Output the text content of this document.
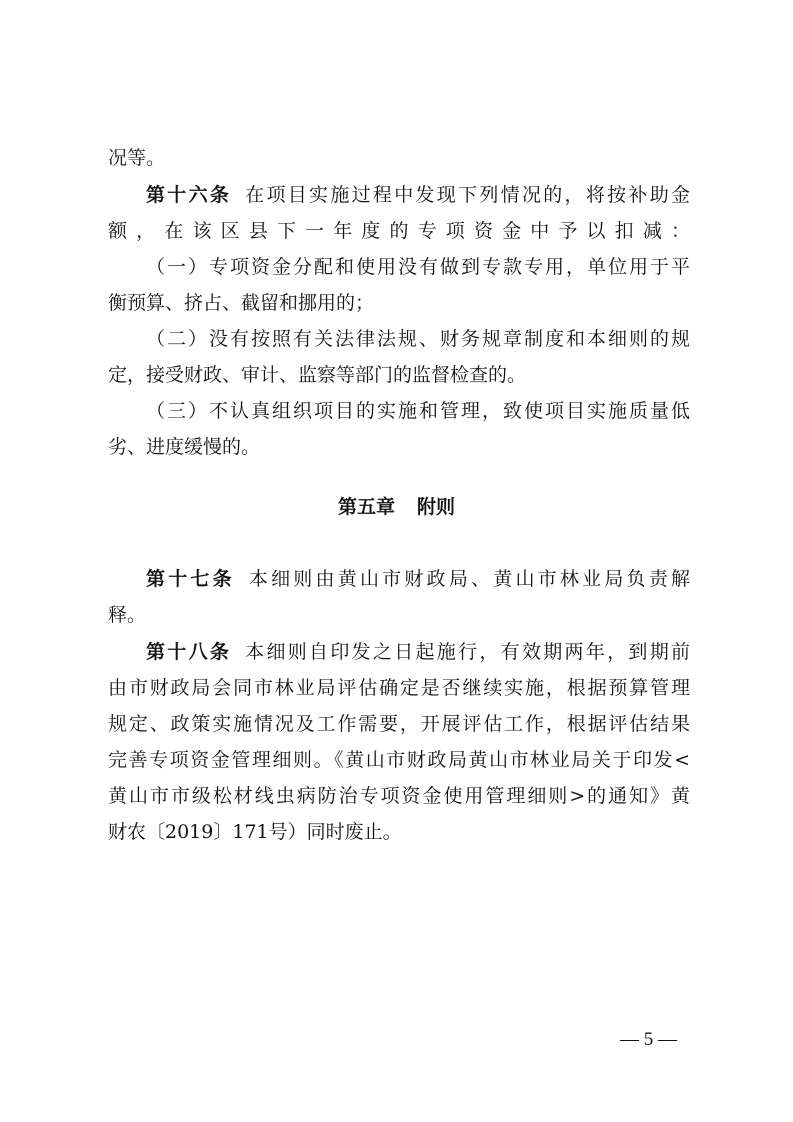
况等。
第十六条 在项目实施过程中发现下列情况的，将按补助金
额，在该区县下一年度的专项资金中予以扣减：
（一）专项资金分配和使用没有做到专款专用，单位用于平
衡预算、挤占、截留和挪用的；
（二）没有按照有关法律法规、财务规章制度和本细则的规
定，接受财政、审计、监察等部门的监督检查的。
（三）不认真组织项目的实施和管理，致使项目实施质量低
劣、进度缓慢的。
第五章 附则
第十七条 本细则由黄山市财政局、黄山市林业局负责解
释。
第十八条 本细则自印发之日起施行，有效期两年，到期前
由市财政局会同市林业局评估确定是否继续实施，根据预算管理
规定、政策实施情况及工作需要，开展评估工作，根据评估结果
完善专项资金管理细则。《黄山市财政局黄山市林业局关于印发<
黄山市市级松材线虫病防治专项资金使用管理细则>的通知》黄
财农〔2019〕171号）同时废止。
— 5 —
